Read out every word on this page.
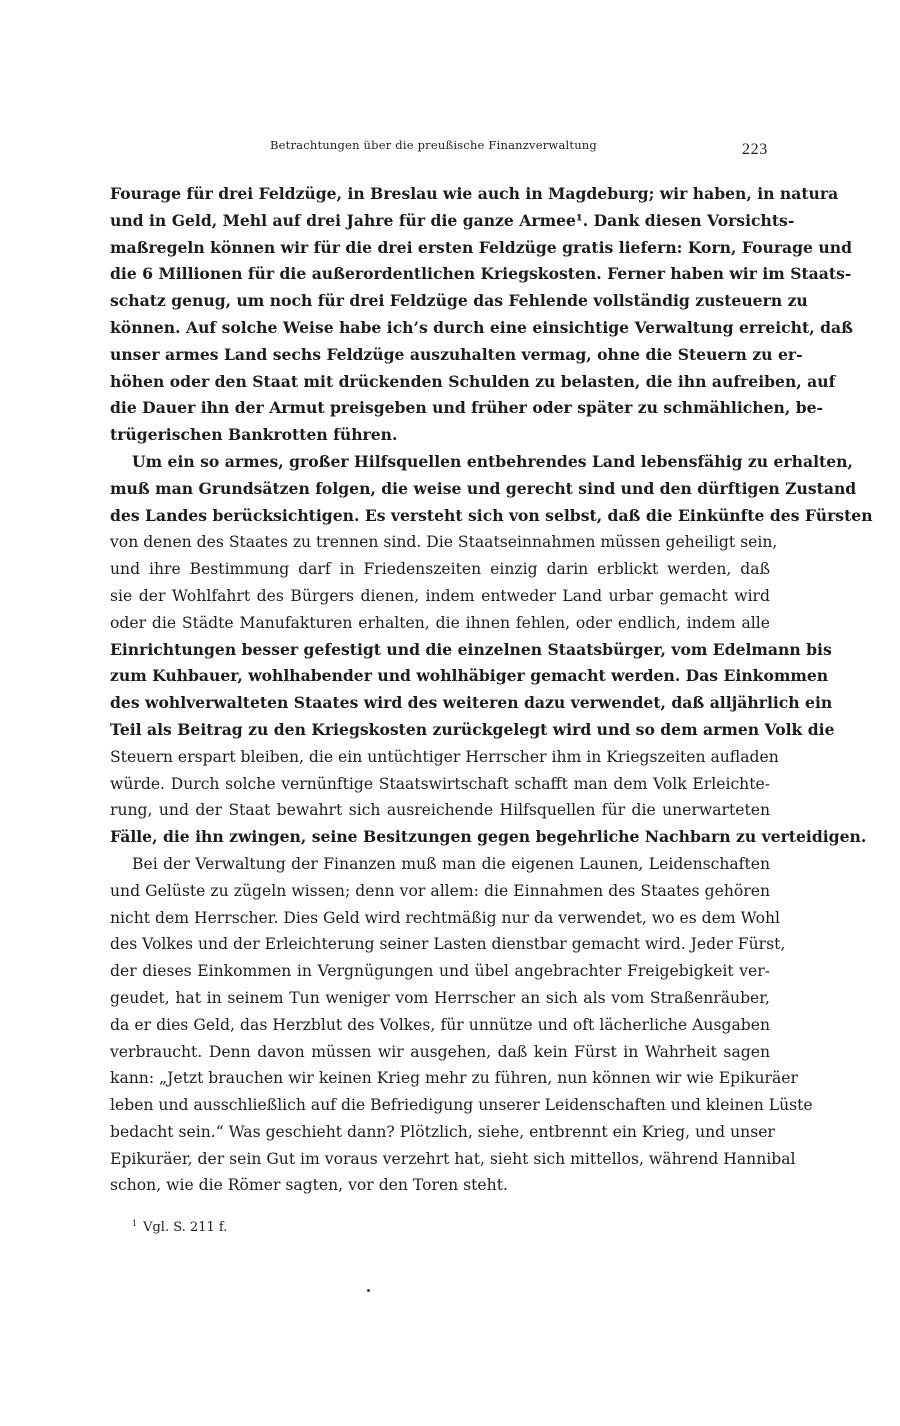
Betrachtungen über die preußische Finanzverwaltung	223
Fourage für drei Feldzüge, in Breslau wie auch in Magdeburg; wir haben, in natura
und in Geld, Mehl auf drei Jahre für die ganze Armee¹. Dank diesen Vorsichts-
maßregeln können wir für die drei ersten Feldzüge gratis liefern: Korn, Fourage und
die 6 Millionen für die außerordentlichen Kriegskosten. Ferner haben wir im Staats-
schatz genug, um noch für drei Feldzüge das Fehlende vollständig zusteuern zu
können. Auf solche Weise habe ich’s durch eine einsichtige Verwaltung erreicht, daß
unser armes Land sechs Feldzüge auszuhalten vermag, ohne die Steuern zu er-
höhen oder den Staat mit drückenden Schulden zu belasten, die ihn aufreiben, auf
die Dauer ihn der Armut preisgeben und früher oder später zu schmählichen, be-
trügerischen Bankrotten führen.
Um ein so armes, großer Hilfsquellen entbehrendes Land lebensfähig zu erhalten,
muß man Grundsätzen folgen, die weise und gerecht sind und den dürftigen Zustand
des Landes berücksichtigen. Es versteht sich von selbst, daß die Einkünfte des Fürsten
von denen des Staates zu trennen sind. Die Staatseinnahmen müssen geheiligt sein,
und ihre Bestimmung darf in Friedenszeiten einzig darin erblickt werden, daß
sie der Wohlfahrt des Bürgers dienen, indem entweder Land urbar gemacht wird
oder die Städte Manufakturen erhalten, die ihnen fehlen, oder endlich, indem alle
Einrichtungen besser gefestigt und die einzelnen Staatsbürger, vom Edelmann bis
zum Kuhbauer, wohlhabender und wohlhäbiger gemacht werden. Das Einkommen
des wohlverwalteten Staates wird des weiteren dazu verwendet, daß alljährlich ein
Teil als Beitrag zu den Kriegskosten zurückgelegt wird und so dem armen Volk die
Steuern erspart bleiben, die ein untüchtiger Herrscher ihm in Kriegszeiten aufladen
würde. Durch solche vernünftige Staatswirtschaft schafft man dem Volk Erleichte-
rung, und der Staat bewahrt sich ausreichende Hilfsquellen für die unerwarteten
Fälle, die ihn zwingen, seine Besitzungen gegen begehrliche Nachbarn zu verteidigen.
Bei der Verwaltung der Finanzen muß man die eigenen Launen, Leidenschaften
und Gelüste zu zügeln wissen; denn vor allem: die Einnahmen des Staates gehören
nicht dem Herrscher. Dies Geld wird rechtmäßig nur da verwendet, wo es dem Wohl
des Volkes und der Erleichterung seiner Lasten dienstbar gemacht wird. Jeder Fürst,
der dieses Einkommen in Vergnügungen und übel angebrachter Freigebigkeit ver-
geudet, hat in seinem Tun weniger vom Herrscher an sich als vom Straßenräuber,
da er dies Geld, das Herzblut des Volkes, für unnütze und oft lächerliche Ausgaben
verbraucht. Denn davon müssen wir ausgehen, daß kein Fürst in Wahrheit sagen
kann: „Jetzt brauchen wir keinen Krieg mehr zu führen, nun können wir wie Epikuräer
leben und ausschließlich auf die Befriedigung unserer Leidenschaften und kleinen Lüste
bedacht sein.“ Was geschieht dann? Plötzlich, siehe, entbrennt ein Krieg, und unser
Epikuräer, der sein Gut im voraus verzehrt hat, sieht sich mittellos, während Hannibal
schon, wie die Römer sagten, vor den Toren steht.
$^1$ Vgl. S. 211 f.
